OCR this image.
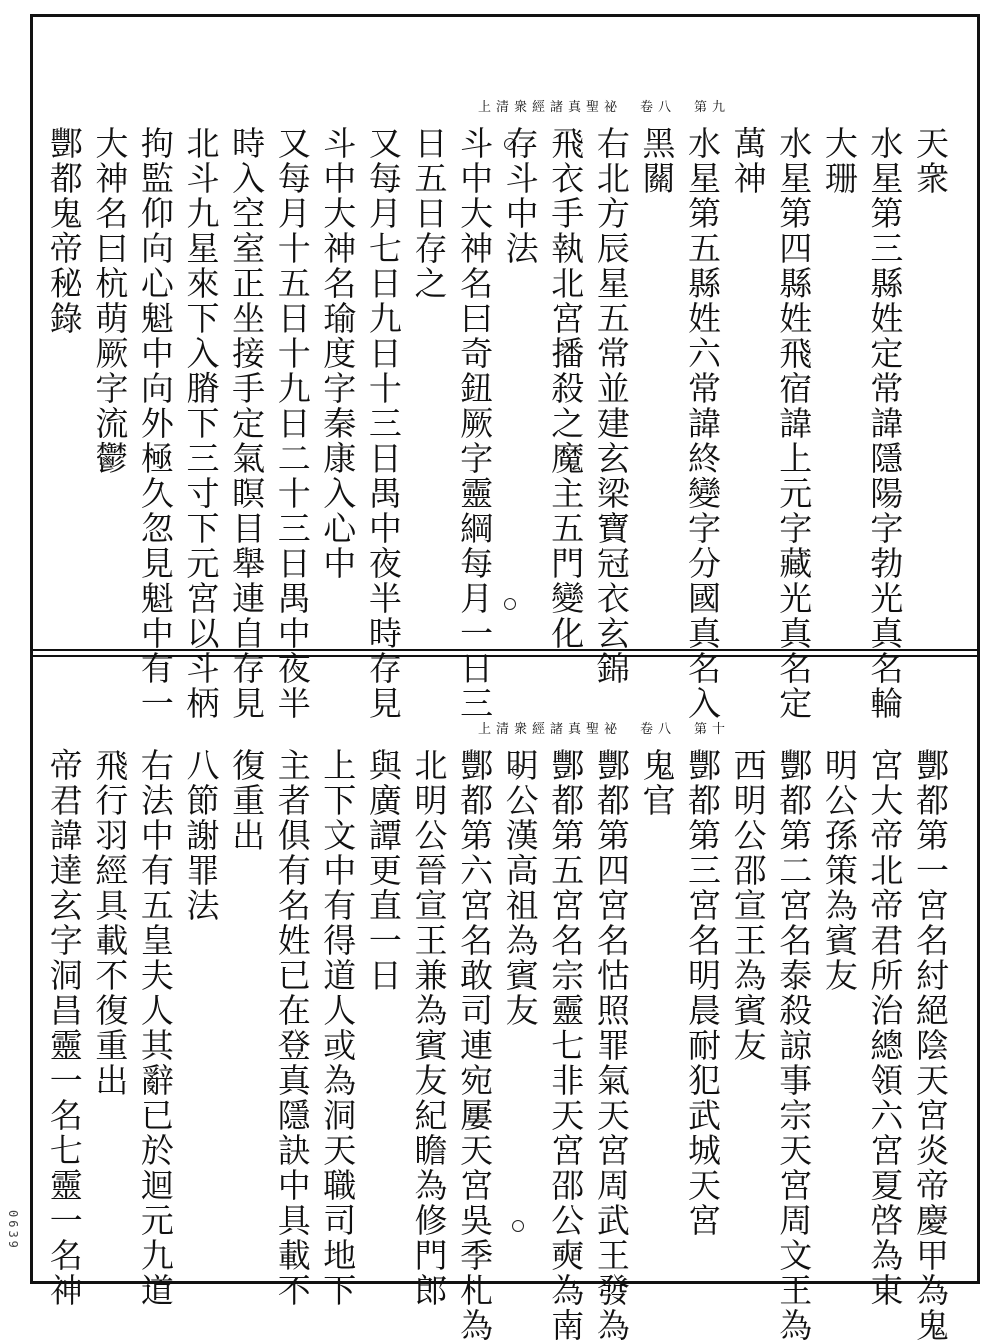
上清衆經諸真聖祕　卷八　第九
天衆
水星第三縣姓定常諱隱陽字勃光真名輪
大珊
水星第四縣姓飛宿諱上元字藏光真名定
萬神
水星第五縣姓六常諱終變字分國真名入
黑關
右北方辰星五常並建玄梁寶冠衣玄錦
飛衣手執北宮播殺之魔主五門變化
存斗中法
斗中大神名曰奇鈕厥字靈綱每月一日三
日五日存之
又每月七日九日十三日禺中夜半時存見
斗中大神名瑜度字秦康入心中
又每月十五日十九日二十三日禺中夜半
時入空室正坐接手定氣瞑目舉連自存見
北斗九星來下入膌下三寸下元宮以斗柄
拘監仰向心魁中向外極久忽見魁中有一
大神名曰杭萌厥字流鬱
酆都鬼帝秘錄
上清衆經諸真聖祕　卷八　第十
酆都第一宮名紂絕陰天宮炎帝慶甲為鬼
宮大帝北帝君所治總領六宮夏啓為東
明公孫策為賓友
酆都第二宮名泰殺諒事宗天宮周文王為
西明公邵宣王為賓友
酆都第三宮名明晨耐犯武城天宮
鬼官
酆都第四宮名怙照罪氣天宮周武王發為
酆都第五宮名宗靈七非天宮邵公奭為南
明公漢高祖為賓友
酆都第六宮名敢司連宛屢天宮吳季札為
北明公晉宣王兼為賓友紀瞻為修門郎
與廣譚更直一日
上下文中有得道人或為洞天職司地下
主者俱有名姓已在登真隱訣中具載不
復重出
八節謝罪法
右法中有五皇夫人其辭已於迴元九道
飛行羽經具載不復重出
帝君諱達玄字洞昌靈一名七靈一名神
0639
